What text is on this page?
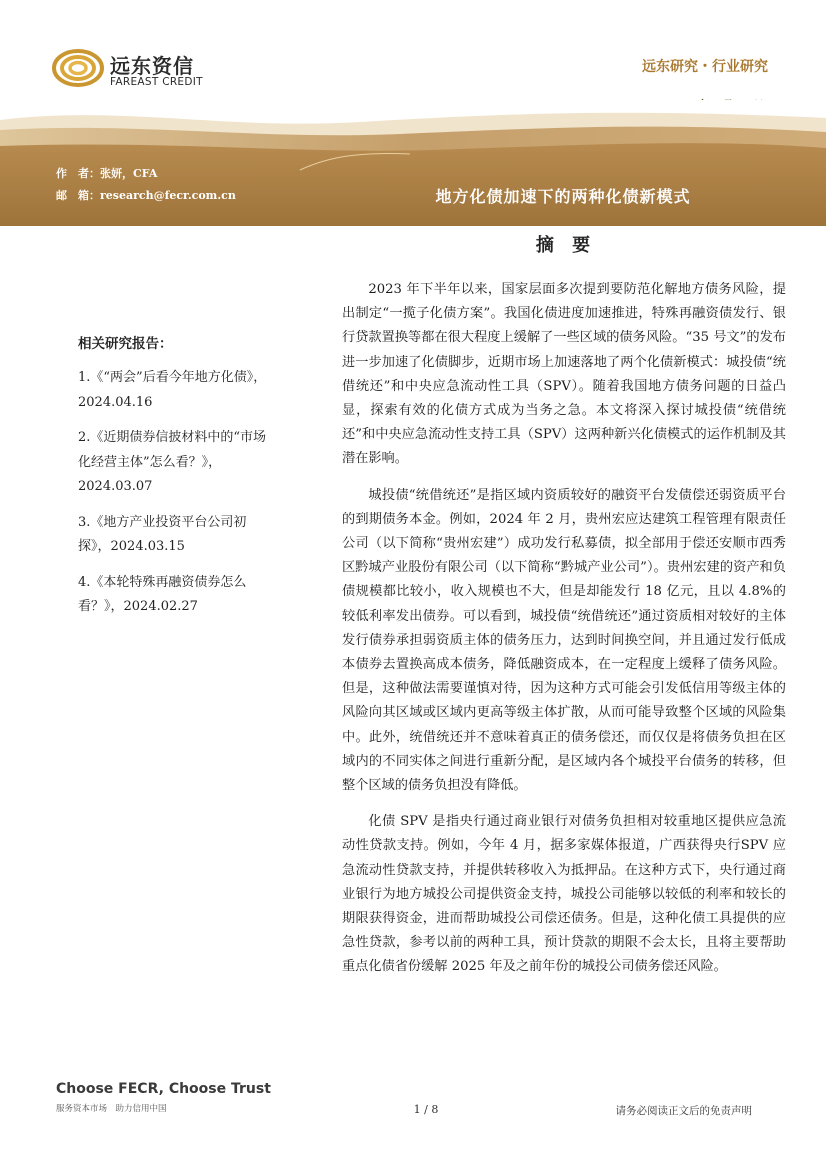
远东资信
FAREAST CREDIT
远东研究・行业研究
作　者：张妍，CFA
邮　箱：research@fecr.com.cn	地方化债加速下的两种化债新模式
摘 要
相关研究报告：
1.《“两会”后看今年地方化债》，2024.04.16
2.《近期债券信披材料中的“市场化经营主体”怎么看？》，2024.03.07
3.《地方产业投资平台公司初探》，2024.03.15
4.《本轮特殊再融资债券怎么看？》，2024.02.27

2023 年下半年以来，国家层面多次提到要防范化解地方债务风险，提出制定“一揽子化债方案”。我国化债进度加速推进，特殊再融资债发行、银行贷款置换等都在很大程度上缓解了一些区域的债务风险。“35 号文”的发布进一步加速了化债脚步，近期市场上加速落地了两个化债新模式：城投债“统借统还”和中央应急流动性工具（SPV）。随着我国地方债务问题的日益凸显，探索有效的化债方式成为当务之急。本文将深入探讨城投债“统借统还”和中央应急流动性支持工具（SPV）这两种新兴化债模式的运作机制及其潜在影响。

城投债“统借统还”是指区域内资质较好的融资平台发债偿还弱资质平台的到期债务本金。例如，2024 年 2 月，贵州宏应达建筑工程管理有限责任公司（以下简称“贵州宏建”）成功发行私募债，拟全部用于偿还安顺市西秀区黔城产业股份有限公司（以下简称“黔城产业公司”）。贵州宏建的资产和负债规模都比较小，收入规模也不大，但是却能发行 18 亿元，且以 4.8%的较低利率发出债券。可以看到，城投债“统借统还”通过资质相对较好的主体发行债券承担弱资质主体的债务压力，达到时间换空间，并且通过发行低成本债券去置换高成本债务，降低融资成本，在一定程度上缓释了债务风险。但是，这种做法需要谨慎对待，因为这种方式可能会引发低信用等级主体的风险向其区域或区域内更高等级主体扩散，从而可能导致整个区域的风险集中。此外，统借统还并不意味着真正的债务偿还，而仅仅是将债务负担在区域内的不同实体之间进行重新分配，是区域内各个城投平台债务的转移，但整个区域的债务负担没有降低。

化债 SPV 是指央行通过商业银行对债务负担相对较重地区提供应急流动性贷款支持。例如，今年 4 月，据多家媒体报道，广西获得央行SPV 应急流动性贷款支持，并提供转移收入为抵押品。在这种方式下，央行通过商业银行为地方城投公司提供资金支持，城投公司能够以较低的利率和较长的期限获得资金，进而帮助城投公司偿还债务。但是，这种化债工具提供的应急性贷款，参考以前的两种工具，预计贷款的期限不会太长，且将主要帮助重点化债省份缓解 2025 年及之前年份的城投公司债务偿还风险。

Choose FECR, Choose Trust
服务资本市场　助力信用中国	1 / 8	请务必阅读正文后的免责声明
